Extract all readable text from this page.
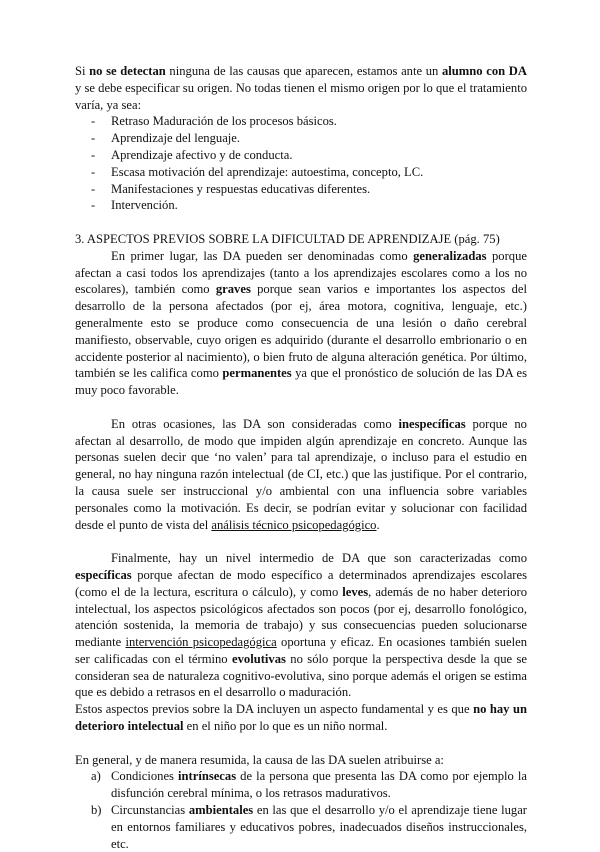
Si no se detectan ninguna de las causas que aparecen, estamos ante un alumno con DA y se debe especificar su origen. No todas tienen el mismo origen por lo que el tratamiento varía, ya sea:

- Retraso Maduración de los procesos básicos.
- Aprendizaje del lenguaje.
- Aprendizaje afectivo y de conducta.
- Escasa motivación del aprendizaje: autoestima, concepto, LC.
- Manifestaciones y respuestas educativas diferentes.
- Intervención.

3. ASPECTOS PREVIOS SOBRE LA DIFICULTAD DE APRENDIZAJE (pág. 75)

En primer lugar, las DA pueden ser denominadas como generalizadas porque afectan a casi todos los aprendizajes (tanto a los aprendizajes escolares como a los no escolares), también como graves porque sean varios e importantes los aspectos del desarrollo de la persona afectados (por ej, área motora, cognitiva, lenguaje, etc.) generalmente esto se produce como consecuencia de una lesión o daño cerebral manifiesto, observable, cuyo origen es adquirido (durante el desarrollo embrionario o en accidente posterior al nacimiento), o bien fruto de alguna alteración genética. Por último, también se les califica como permanentes ya que el pronóstico de solución de las DA es muy poco favorable.

En otras ocasiones, las DA son consideradas como inespecíficas porque no afectan al desarrollo, de modo que impiden algún aprendizaje en concreto. Aunque las personas suelen decir que ‘no valen’ para tal aprendizaje, o incluso para el estudio en general, no hay ninguna razón intelectual (de CI, etc.) que las justifique. Por el contrario, la causa suele ser instruccional y/o ambiental con una influencia sobre variables personales como la motivación. Es decir, se podrían evitar y solucionar con facilidad desde el punto de vista del análisis técnico psicopedagógico.

Finalmente, hay un nivel intermedio de DA que son caracterizadas como específicas porque afectan de modo específico a determinados aprendizajes escolares (como el de la lectura, escritura o cálculo), y como leves, además de no haber deterioro intelectual, los aspectos psicológicos afectados son pocos (por ej, desarrollo fonológico, atención sostenida, la memoria de trabajo) y sus consecuencias pueden solucionarse mediante intervención psicopedagógica oportuna y eficaz. En ocasiones también suelen ser calificadas con el término evolutivas no sólo porque la perspectiva desde la que se consideran sea de naturaleza cognitivo-evolutiva, sino porque además el origen se estima que es debido a retrasos en el desarrollo o maduración.

Estos aspectos previos sobre la DA incluyen un aspecto fundamental y es que no hay un deterioro intelectual en el niño por lo que es un niño normal.

En general, y de manera resumida, la causa de las DA suelen atribuirse a:

a) Condiciones intrínsecas de la persona que presenta las DA como por ejemplo la disfunción cerebral mínima, o los retrasos madurativos.
b) Circunstancias ambientales en las que el desarrollo y/o el aprendizaje tiene lugar en entornos familiares y educativos pobres, inadecuados diseños instruccionales, etc.
